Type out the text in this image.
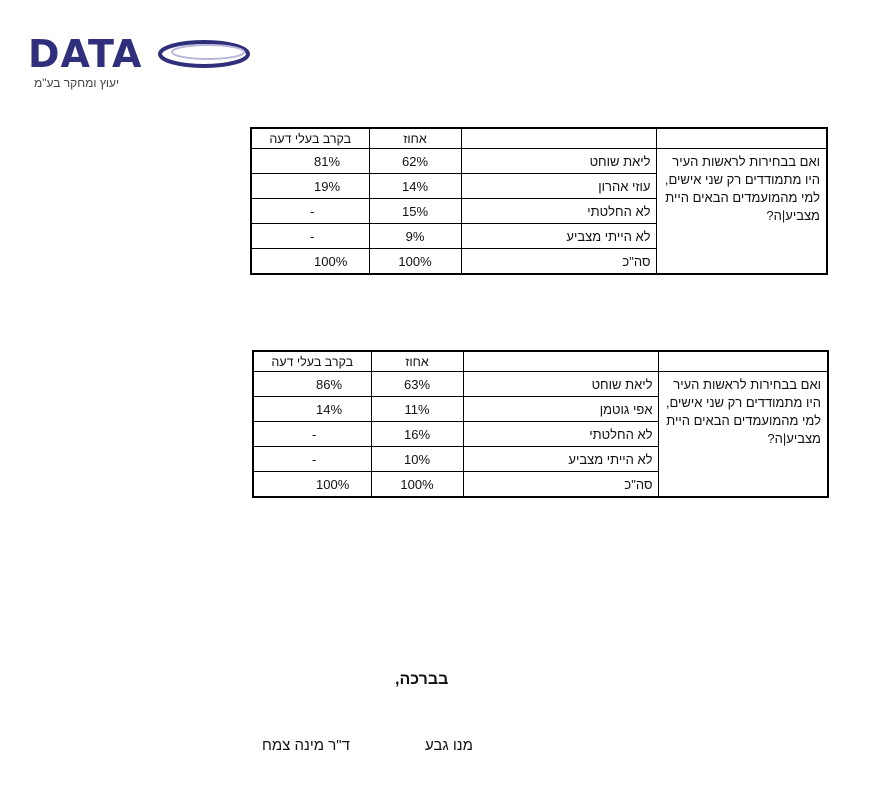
DATA
יעוץ ומחקר בע"מ
		אחוז	בקרב בעלי דעה
ואם בבחירות לראשות העיר היו מתמודדים רק שני אישים, למי מהמועמדים הבאים היית מצביע|ה?	ליאת שוחט	62%	81%
	עוזי אהרון	14%	19%
	לא החלטתי	15%	-
	לא הייתי מצביע	9%	-
	סה"כ	100%	100%
		אחוז	בקרב בעלי דעה
ואם בבחירות לראשות העיר היו מתמודדים רק שני אישים, למי מהמועמדים הבאים היית מצביע|ה?	ליאת שוחט	63%	86%
	אפי גוטמן	11%	14%
	לא החלטתי	16%	-
	לא הייתי מצביע	10%	-
	סה"כ	100%	100%
בברכה,
מנו גבע
ד"ר מינה צמח
